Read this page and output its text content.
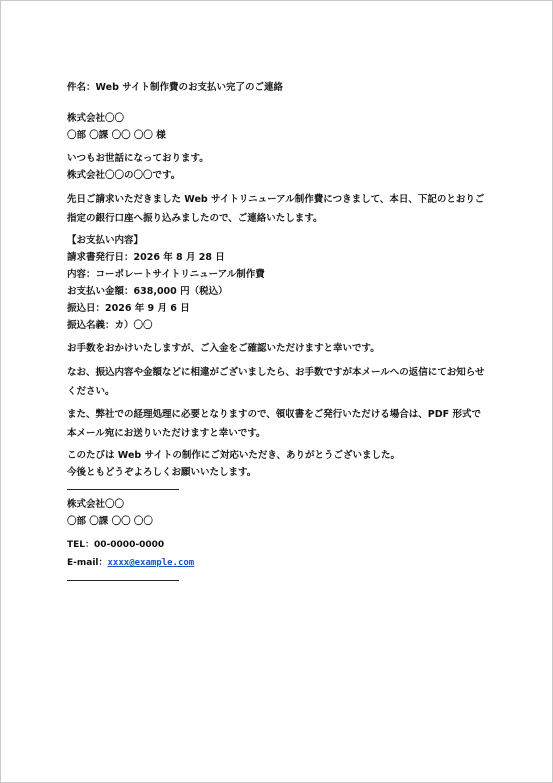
件名：Web サイト制作費のお支払い完了のご連絡
株式会社〇〇
〇部 〇課 〇〇 〇〇 様
いつもお世話になっております。
株式会社〇〇の〇〇です。
先日ご請求いただきました Web サイトリニューアル制作費につきまして、本日、下記のとおりご指定の銀行口座へ振り込みましたので、ご連絡いたします。
【お支払い内容】
請求書発行日：2026 年 8 月 28 日
内容：コーポレートサイトリニューアル制作費
お支払い金額：638,000 円（税込）
振込日：2026 年 9 月 6 日
振込名義：カ）〇〇
お手数をおかけいたしますが、ご入金をご確認いただけますと幸いです。
なお、振込内容や金額などに相違がございましたら、お手数ですが本メールへの返信にてお知らせください。
また、弊社での経理処理に必要となりますので、領収書をご発行いただける場合は、PDF 形式で本メール宛にお送りいただけますと幸いです。
このたびは Web サイトの制作にご対応いただき、ありがとうございました。
今後ともどうぞよろしくお願いいたします。
株式会社〇〇
〇部 〇課 〇〇 〇〇
TEL：00-0000-0000
E-mail：xxxx@example.com
